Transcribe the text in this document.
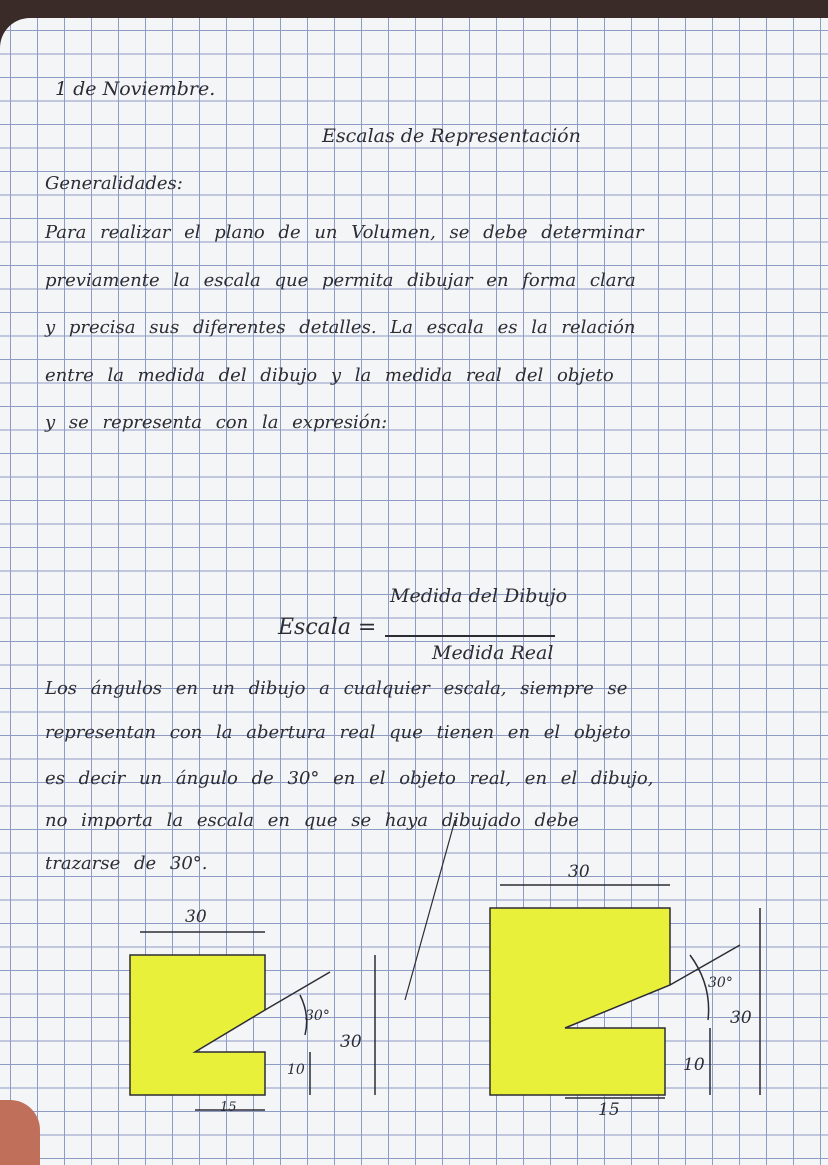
1 de Noviembre.
Escalas de Representación
Generalidades:
Para realizar el plano de un Volumen, se debe determinar
previamente la escala que permita dibujar en forma clara
y precisa sus diferentes detalles. La escala es la relación
entre la medida del dibujo y la medida real del objeto
y se representa con la expresión:
Escala =
Medida del Dibujo
Medida Real
Los ángulos en un dibujo a cualquier escala, siempre se
representan con la abertura real que tienen en el objeto
es decir un ángulo de 30° en el objeto real, en el dibujo,
no importa la escala en que se haya dibujado debe
trazarse de 30°.
30
30
10
15
30°
30
30
10
15
30°
